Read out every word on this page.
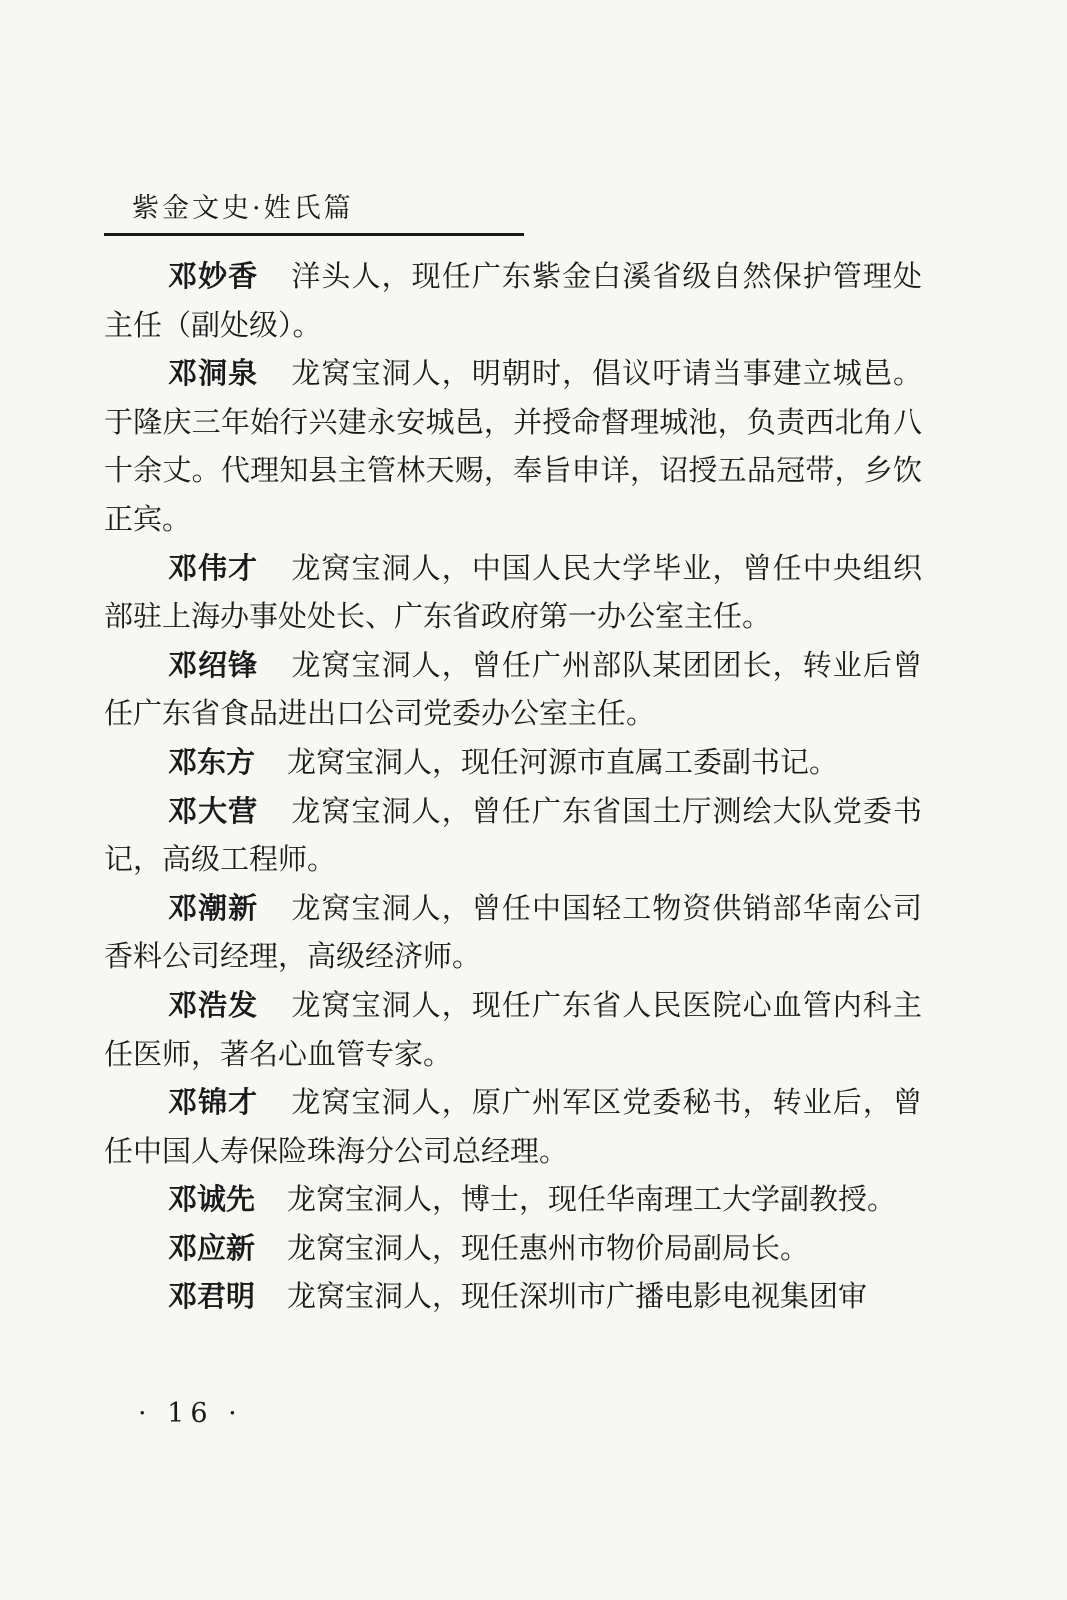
紫金文史·姓氏篇

邓妙香 洋头人，现任广东紫金白溪省级自然保护管理处主任（副处级）。

邓洞泉 龙窝宝洞人，明朝时，倡议吁请当事建立城邑。于隆庆三年始行兴建永安城邑，并授命督理城池，负责西北角八十余丈。代理知县主管林天赐，奉旨申详，诏授五品冠带，乡饮正宾。

邓伟才 龙窝宝洞人，中国人民大学毕业，曾任中央组织部驻上海办事处处长、广东省政府第一办公室主任。

邓绍锋 龙窝宝洞人，曾任广州部队某团团长，转业后曾任广东省食品进出口公司党委办公室主任。

邓东方 龙窝宝洞人，现任河源市直属工委副书记。

邓大营 龙窝宝洞人，曾任广东省国土厅测绘大队党委书记，高级工程师。

邓潮新 龙窝宝洞人，曾任中国轻工物资供销部华南公司香料公司经理，高级经济师。

邓浩发 龙窝宝洞人，现任广东省人民医院心血管内科主任医师，著名心血管专家。

邓锦才 龙窝宝洞人，原广州军区党委秘书，转业后，曾任中国人寿保险珠海分公司总经理。

邓诚先 龙窝宝洞人，博士，现任华南理工大学副教授。

邓应新 龙窝宝洞人，现任惠州市物价局副局长。

邓君明 龙窝宝洞人，现任深圳市广播电影电视集团审

· 16 ·
